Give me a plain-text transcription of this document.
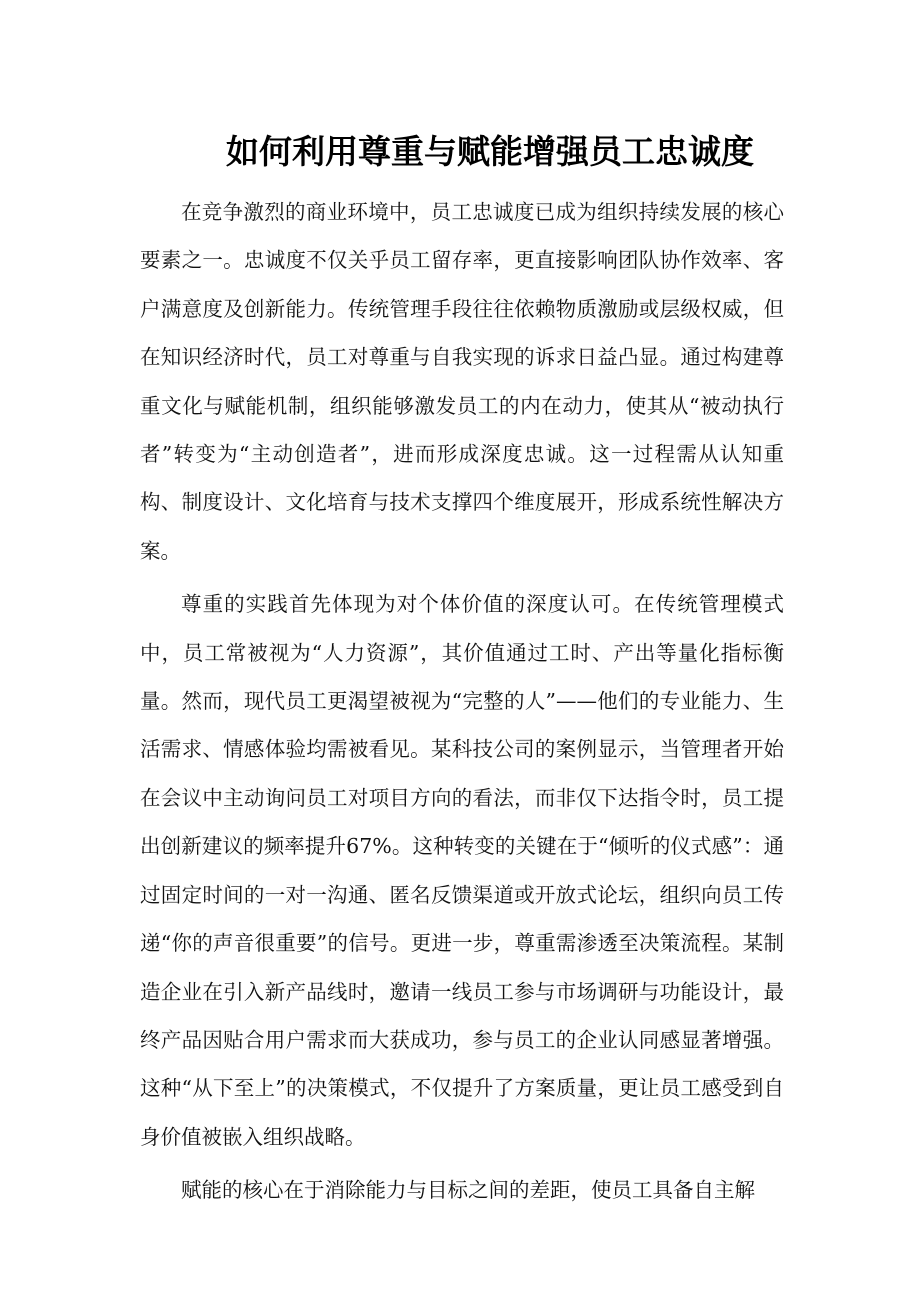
如何利用尊重与赋能增强员工忠诚度

在竞争激烈的商业环境中，员工忠诚度已成为组织持续发展的核心要素之一。忠诚度不仅关乎员工留存率，更直接影响团队协作效率、客户满意度及创新能力。传统管理手段往往依赖物质激励或层级权威，但在知识经济时代，员工对尊重与自我实现的诉求日益凸显。通过构建尊重文化与赋能机制，组织能够激发员工的内在动力，使其从“被动执行者”转变为“主动创造者”，进而形成深度忠诚。这一过程需从认知重构、制度设计、文化培育与技术支撑四个维度展开，形成系统性解决方案。

尊重的实践首先体现为对个体价值的深度认可。在传统管理模式中，员工常被视为“人力资源”，其价值通过工时、产出等量化指标衡量。然而，现代员工更渴望被视为“完整的人”——他们的专业能力、生活需求、情感体验均需被看见。某科技公司的案例显示，当管理者开始在会议中主动询问员工对项目方向的看法，而非仅下达指令时，员工提出创新建议的频率提升67%。这种转变的关键在于“倾听的仪式感”：通过固定时间的一对一沟通、匿名反馈渠道或开放式论坛，组织向员工传递“你的声音很重要”的信号。更进一步，尊重需渗透至决策流程。某制造企业在引入新产品线时，邀请一线员工参与市场调研与功能设计，最终产品因贴合用户需求而大获成功，参与员工的企业认同感显著增强。这种“从下至上”的决策模式，不仅提升了方案质量，更让员工感受到自身价值被嵌入组织战略。

赋能的核心在于消除能力与目标之间的差距，使员工具备自主解
